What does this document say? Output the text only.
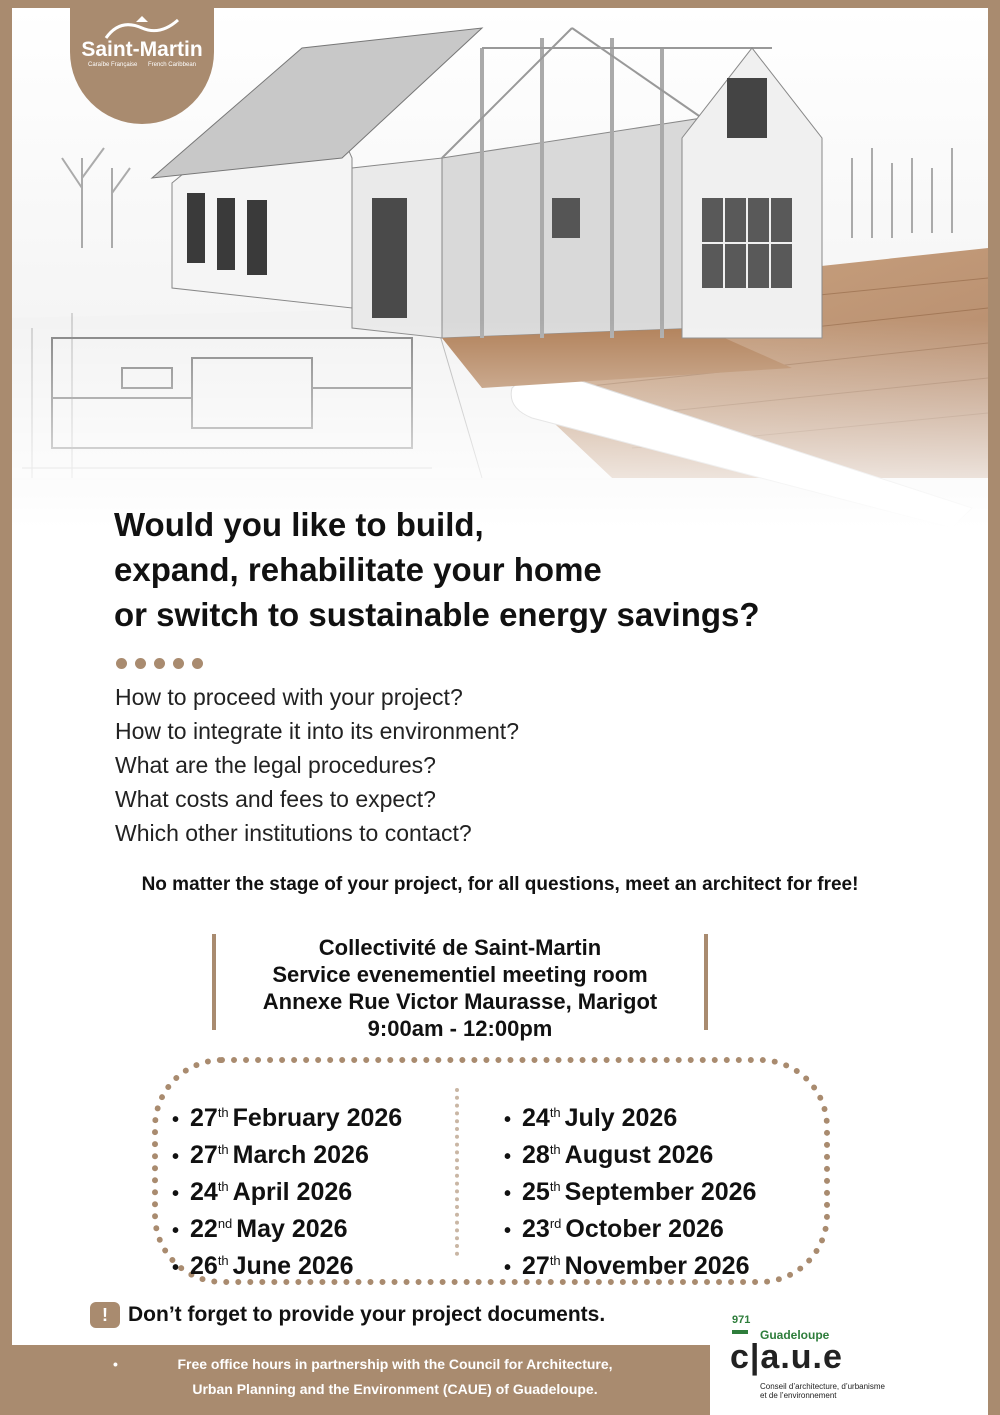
Saint-Martin
Caraïbe Française French Caribbean
Would you like to build,
expand, rehabilitate your home
or switch to sustainable energy savings?
How to proceed with your project?
How to integrate it into its environment?
What are the legal procedures?
What costs and fees to expect?
Which other institutions to contact?
No matter the stage of your project, for all questions, meet an architect for free!
Collectivité de Saint-Martin
Service evenementiel meeting room
Annexe Rue Victor Maurasse, Marigot
9:00am - 12:00pm
• 27th February 2026
• 27th March 2026
• 24th April 2026
• 22nd May 2026
• 26th June 2026
• 24th July 2026
• 28th August 2026
• 25th September 2026
• 23rd October 2026
• 27th November 2026
! Don’t forget to provide your project documents.
•	Free office hours in partnership with the Council for Architecture,
Urban Planning and the Environment (CAUE) of Guadeloupe.
971
Guadeloupe
c|a.u.e
Conseil d’architecture, d’urbanisme
et de l’environnement
